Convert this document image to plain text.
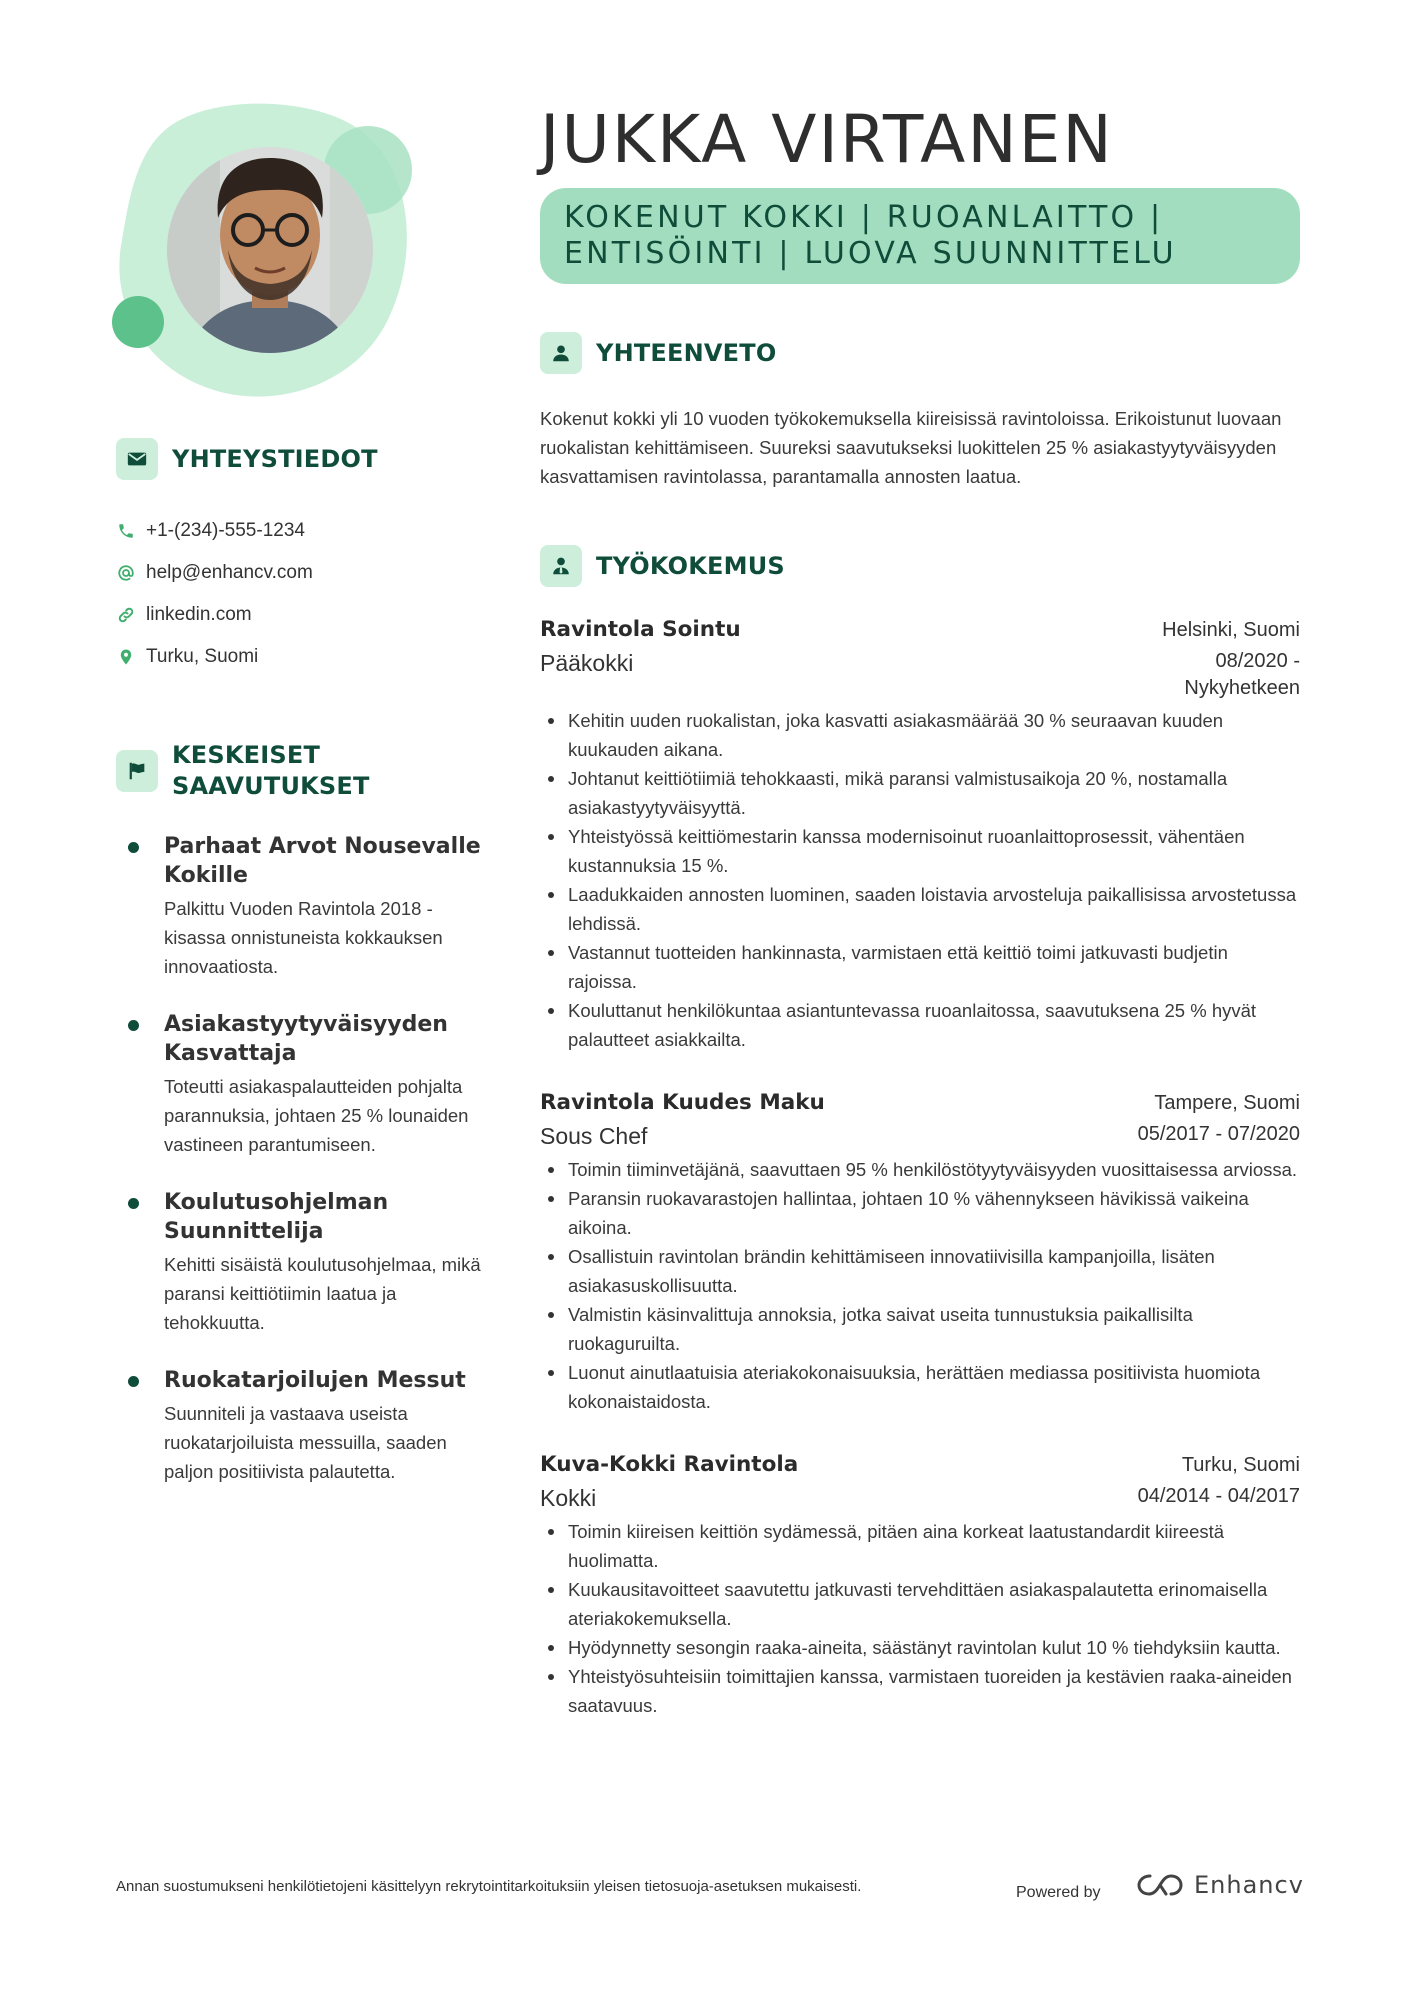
YHTEYSTIEDOT
+1-(234)-555-1234
help@enhancv.com
linkedin.com
Turku, Suomi
KESKEISET
SAAVUTUKSET
Parhaat Arvot Nousevalle Kokille
Palkittu Vuoden Ravintola 2018 -kisassa onnistuneista kokkauksen innovaatiosta.
Asiakastyytyväisyyden Kasvattaja
Toteutti asiakaspalautteiden pohjalta parannuksia, johtaen 25 % lounaiden vastineen parantumiseen.
Koulutusohjelman Suunnittelija
Kehitti sisäistä koulutusohjelmaa, mikä paransi keittiötiimin laatua ja tehokkuutta.
Ruokatarjoilujen Messut
Suunniteli ja vastaava useista ruokatarjoiluista messuilla, saaden paljon positiivista palautetta.
JUKKA VIRTANEN
KOKENUT KOKKI | RUOANLAITTO |
ENTISÖINTI | LUOVA SUUNNITTELU
YHTEENVETO

Kokenut kokki yli 10 vuoden työkokemuksella kiireisissä ravintoloissa. Erikoistunut luovaan ruokalistan kehittämiseen. Suureksi saavutukseksi luokittelen 25 % asiakastyytyväisyyden kasvattamisen ravintolassa, parantamalla annosten laatua.

TYÖKOKEMUS
Ravintola Sointu	Helsinki, Suomi
Pääkokki	08/2020 - Nykyhetkeen
Kehitin uuden ruokalistan, joka kasvatti asiakasmäärää 30 % seuraavan kuuden kuukauden aikana.
Johtanut keittiötiimiä tehokkaasti, mikä paransi valmistusaikoja 20 %, nostamalla asiakastyytyväisyyttä.
Yhteistyössä keittiömestarin kanssa modernisoinut ruoanlaittoprosessit, vähentäen kustannuksia 15 %.
Laadukkaiden annosten luominen, saaden loistavia arvosteluja paikallisissa arvostetussa lehdissä.
Vastannut tuotteiden hankinnasta, varmistaen että keittiö toimi jatkuvasti budjetin rajoissa.
Kouluttanut henkilökuntaa asiantuntevassa ruoanlaitossa, saavutuksena 25 % hyvät palautteet asiakkailta.
Ravintola Kuudes Maku	Tampere, Suomi
Sous Chef	05/2017 - 07/2020
Toimin tiiminvetäjänä, saavuttaen 95 % henkilöstötyytyväisyyden vuosittaisessa arviossa.
Paransin ruokavarastojen hallintaa, johtaen 10 % vähennykseen hävikissä vaikeina aikoina.
Osallistuin ravintolan brändin kehittämiseen innovatiivisilla kampanjoilla, lisäten asiakasuskollisuutta.
Valmistin käsinvalittuja annoksia, jotka saivat useita tunnustuksia paikallisilta ruokaguruilta.
Luonut ainutlaatuisia ateriakokonaisuuksia, herättäen mediassa positiivista huomiota kokonaistaidosta.
Kuva-Kokki Ravintola	Turku, Suomi
Kokki	04/2014 - 04/2017
Toimin kiireisen keittiön sydämessä, pitäen aina korkeat laatustandardit kiireestä huolimatta.
Kuukausitavoitteet saavutettu jatkuvasti tervehdittäen asiakaspalautetta erinomaisella ateriakokemuksella.
Hyödynnetty sesongin raaka-aineita, säästänyt ravintolan kulut 10 % tiehdyksiin kautta.
Yhteistyösuhteisiin toimittajien kanssa, varmistaen tuoreiden ja kestävien raaka-aineiden saatavuus.
Annan suostumukseni henkilötietojeni käsittelyyn rekrytointitarkoituksiin yleisen tietosuoja-asetuksen mukaisesti.	Powered by	Enhancv
